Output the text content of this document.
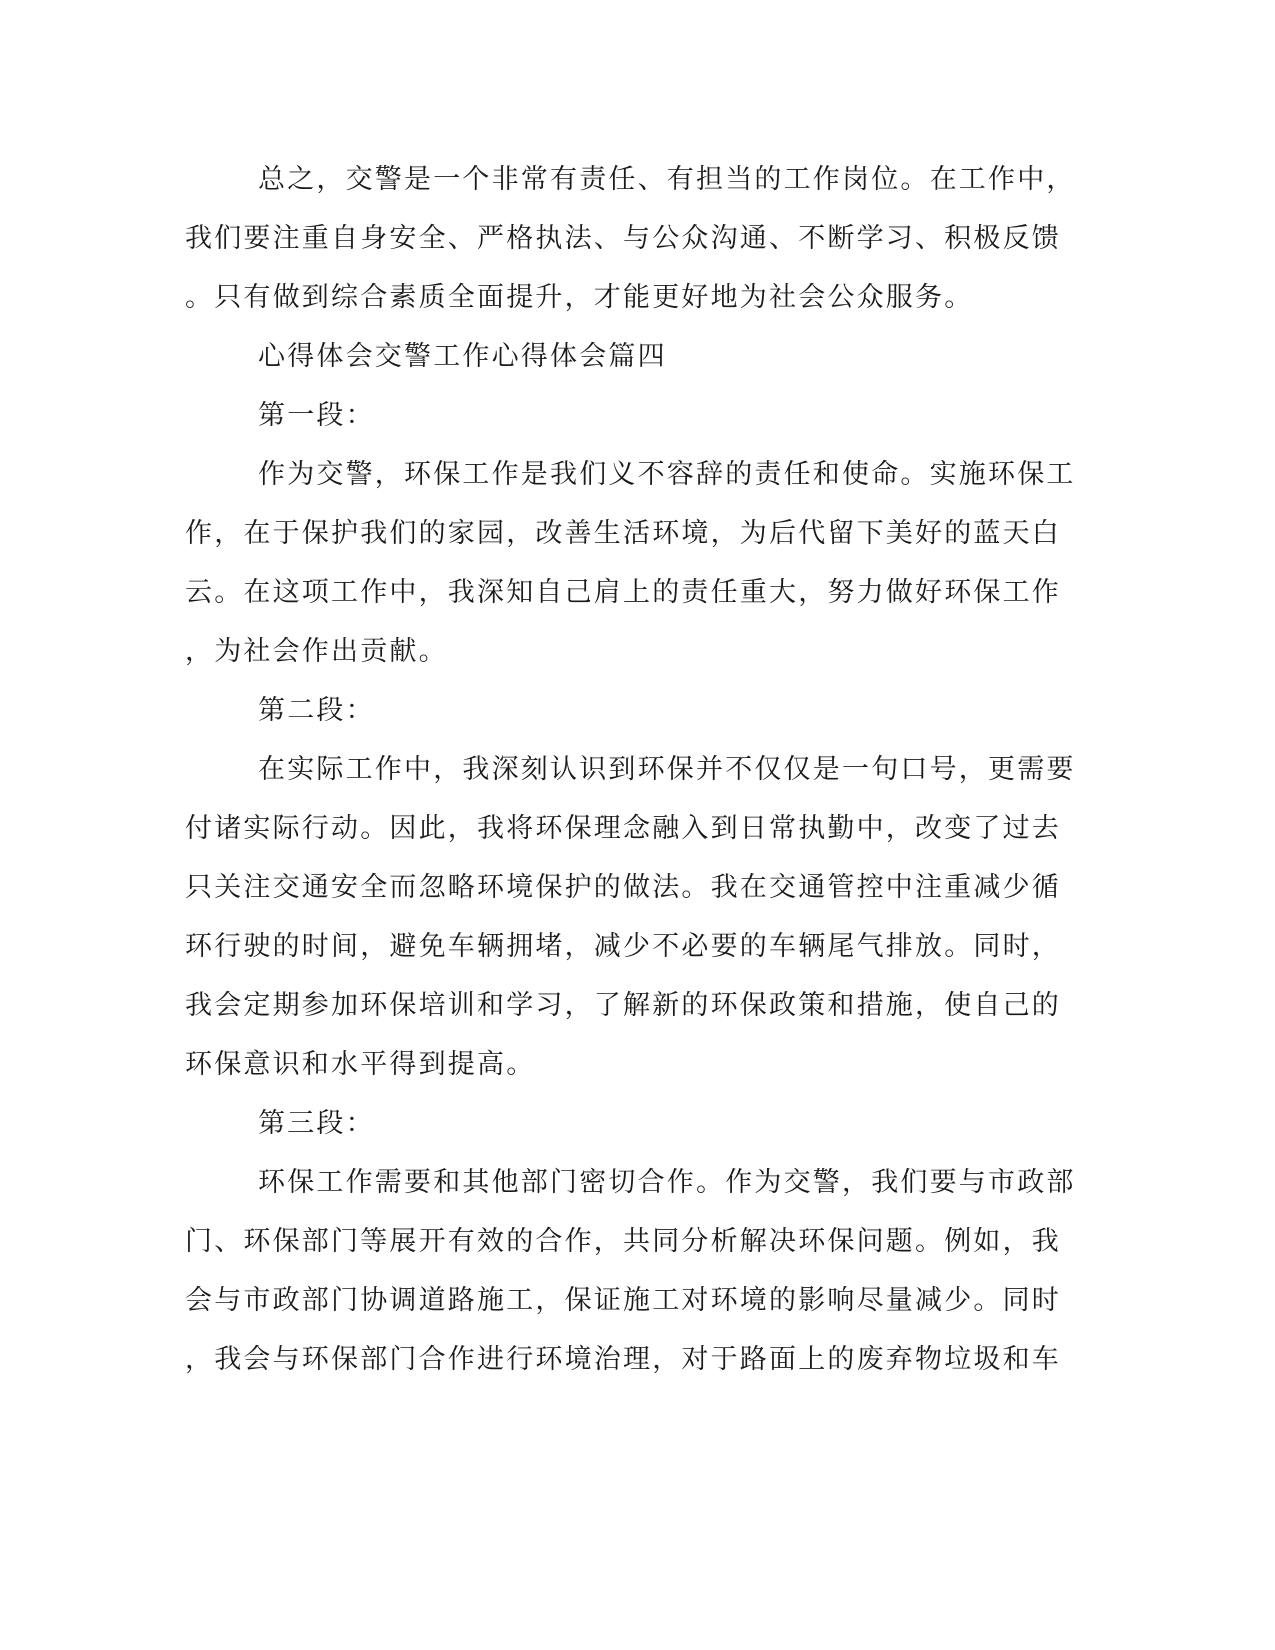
总之，交警是一个非常有责任、有担当的工作岗位。在工作中，
我们要注重自身安全、严格执法、与公众沟通、不断学习、积极反馈
。只有做到综合素质全面提升，才能更好地为社会公众服务。
心得体会交警工作心得体会篇四
第一段：
作为交警，环保工作是我们义不容辞的责任和使命。实施环保工
作，在于保护我们的家园，改善生活环境，为后代留下美好的蓝天白
云。在这项工作中，我深知自己肩上的责任重大，努力做好环保工作
，为社会作出贡献。
第二段：
在实际工作中，我深刻认识到环保并不仅仅是一句口号，更需要
付诸实际行动。因此，我将环保理念融入到日常执勤中，改变了过去
只关注交通安全而忽略环境保护的做法。我在交通管控中注重减少循
环行驶的时间，避免车辆拥堵，减少不必要的车辆尾气排放。同时，
我会定期参加环保培训和学习，了解新的环保政策和措施，使自己的
环保意识和水平得到提高。
第三段：
环保工作需要和其他部门密切合作。作为交警，我们要与市政部
门、环保部门等展开有效的合作，共同分析解决环保问题。例如，我
会与市政部门协调道路施工，保证施工对环境的影响尽量减少。同时
，我会与环保部门合作进行环境治理，对于路面上的废弃物垃圾和车
